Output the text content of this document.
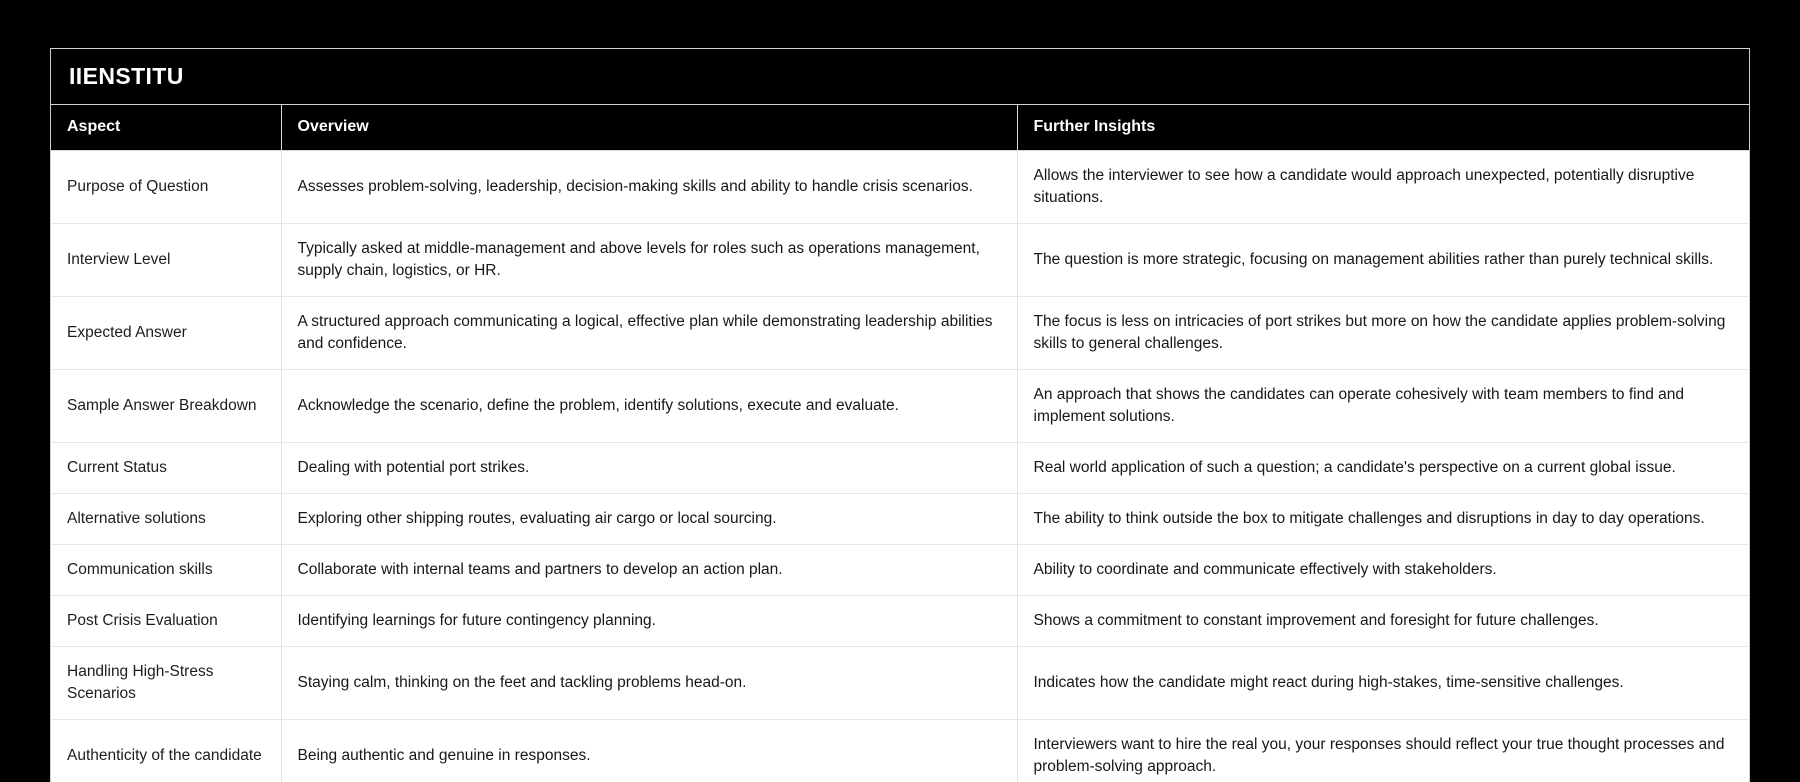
IIENSTITU
Aspect	Overview	Further Insights
Purpose of Question	Assesses problem-solving, leadership, decision-making skills and ability to handle crisis scenarios.	Allows the interviewer to see how a candidate would approach unexpected, potentially disruptive situations.
Interview Level	Typically asked at middle-management and above levels for roles such as operations management, supply chain, logistics, or HR.	The question is more strategic, focusing on management abilities rather than purely technical skills.
Expected Answer	A structured approach communicating a logical, effective plan while demonstrating leadership abilities and confidence.	The focus is less on intricacies of port strikes but more on how the candidate applies problem-solving skills to general challenges.
Sample Answer Breakdown	Acknowledge the scenario, define the problem, identify solutions, execute and evaluate.	An approach that shows the candidates can operate cohesively with team members to find and implement solutions.
Current Status	Dealing with potential port strikes.	Real world application of such a question; a candidate's perspective on a current global issue.
Alternative solutions	Exploring other shipping routes, evaluating air cargo or local sourcing.	The ability to think outside the box to mitigate challenges and disruptions in day to day operations.
Communication skills	Collaborate with internal teams and partners to develop an action plan.	Ability to coordinate and communicate effectively with stakeholders.
Post Crisis Evaluation	Identifying learnings for future contingency planning.	Shows a commitment to constant improvement and foresight for future challenges.
Handling High-Stress Scenarios	Staying calm, thinking on the feet and tackling problems head-on.	Indicates how the candidate might react during high-stakes, time-sensitive challenges.
Authenticity of the candidate	Being authentic and genuine in responses.	Interviewers want to hire the real you, your responses should reflect your true thought processes and problem-solving approach.
